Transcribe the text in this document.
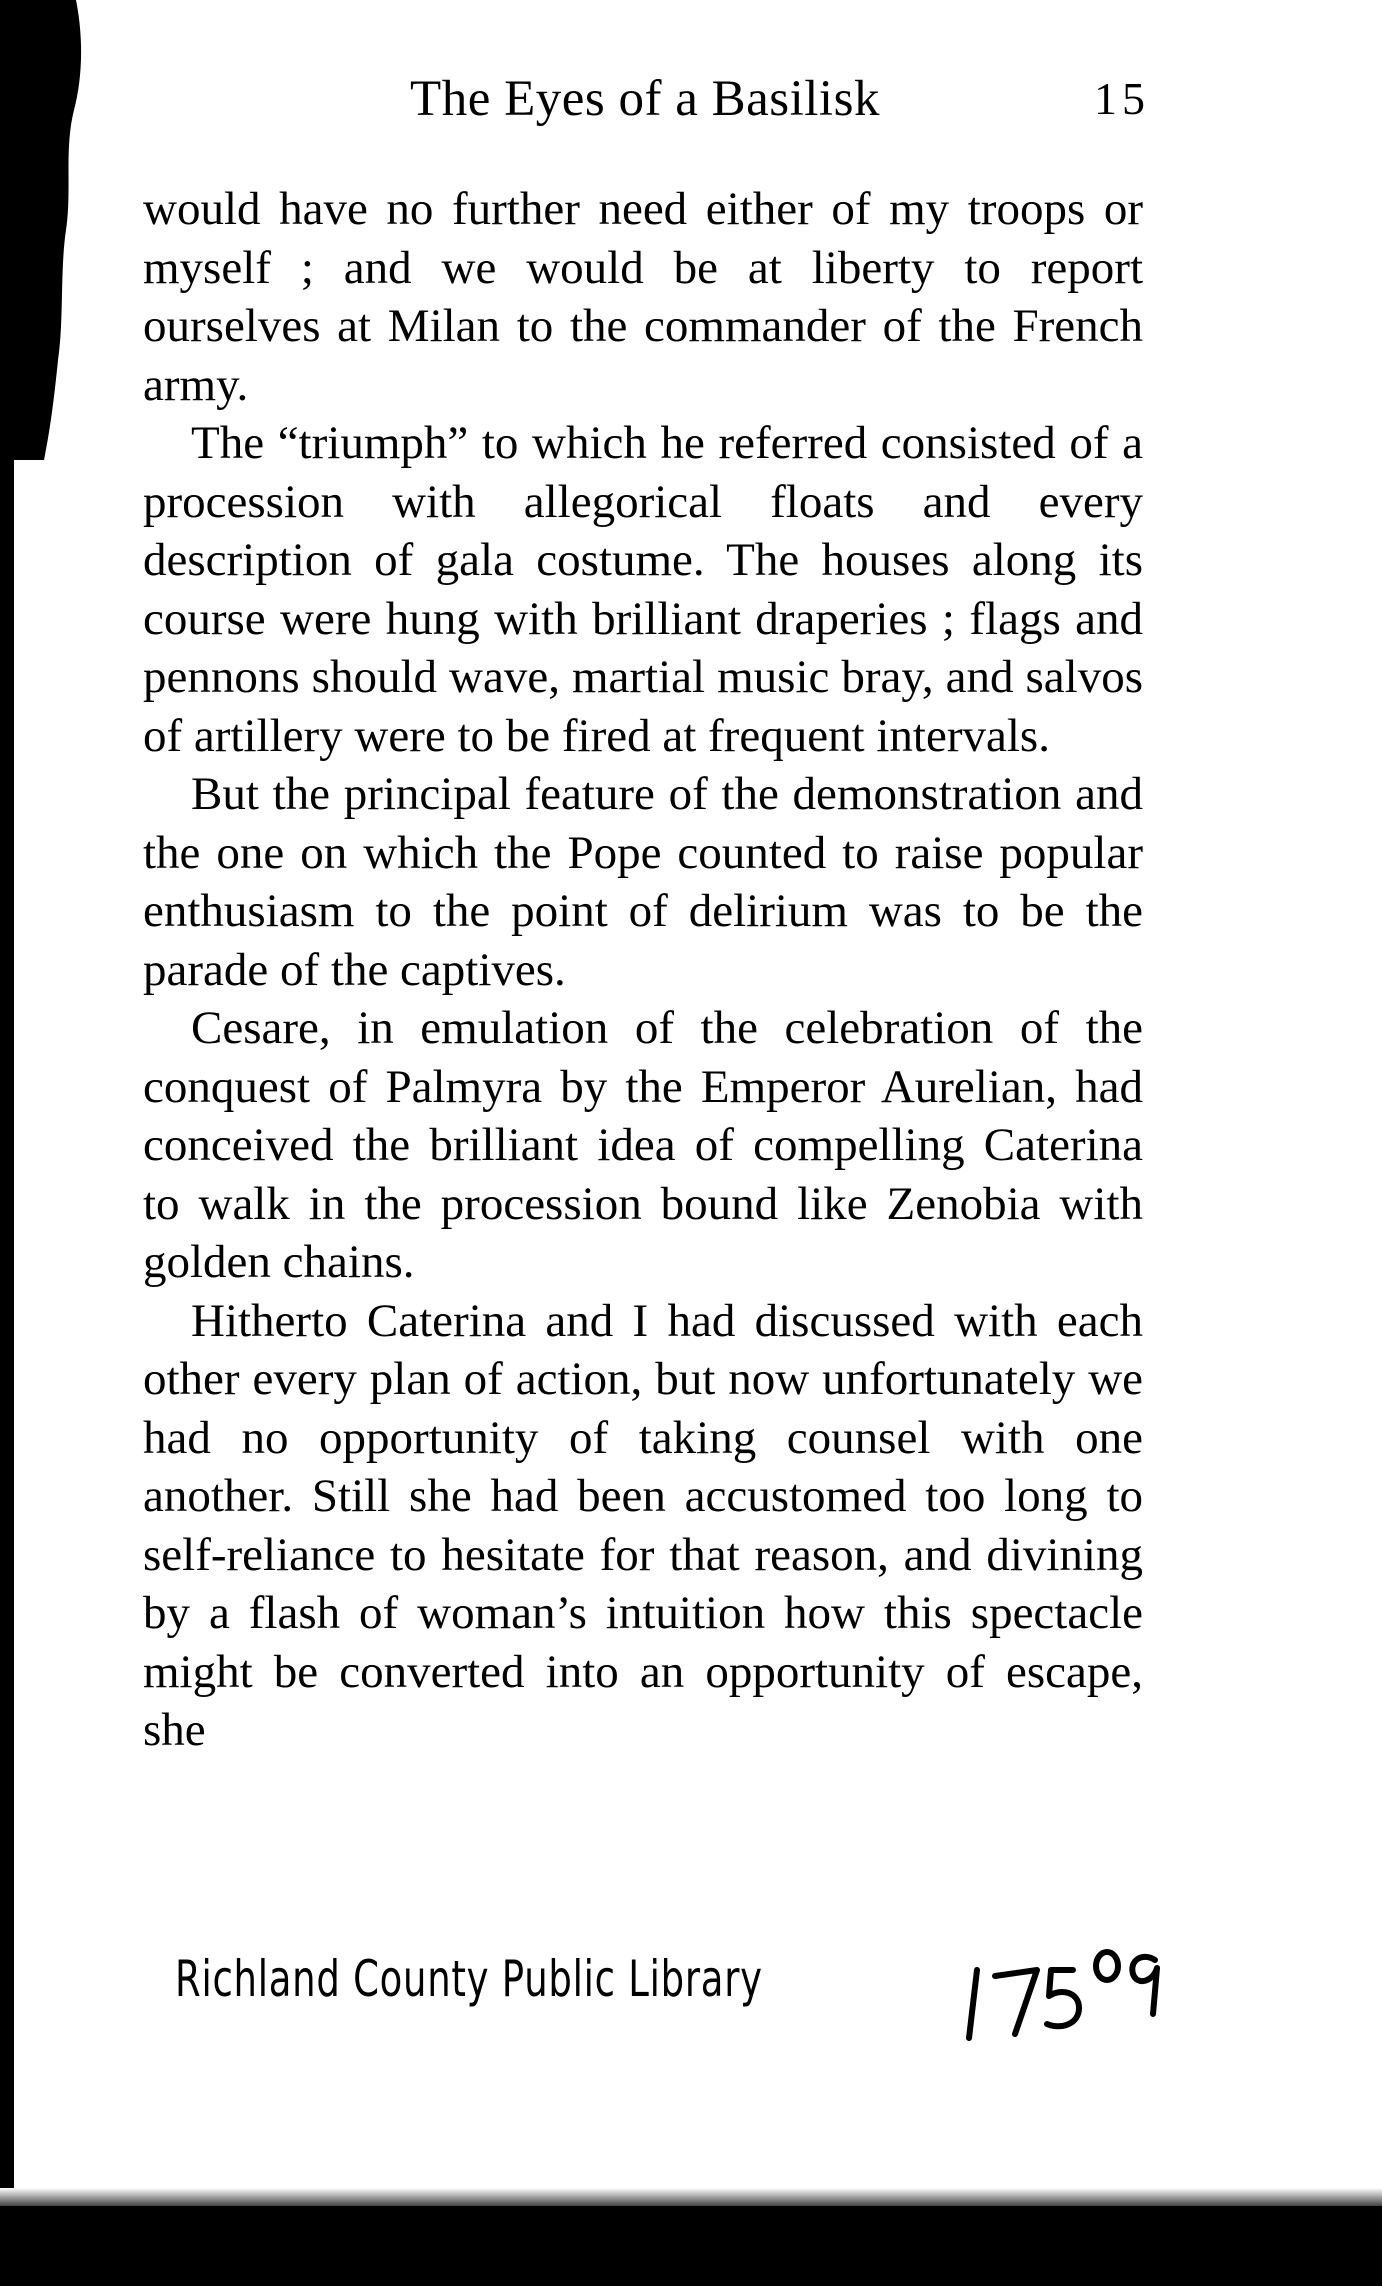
The Eyes of a Basilisk	15

would have no further need either of my troops or myself ; and we would be at liberty to report ourselves at Milan to the commander of the French army.

The “triumph” to which he referred consisted of a procession with allegorical floats and every description of gala costume. The houses along its course were hung with brilliant draperies ; flags and pennons should wave, martial music bray, and salvos of artillery were to be fired at frequent intervals.

But the principal feature of the demonstration and the one on which the Pope counted to raise popular enthusiasm to the point of delirium was to be the parade of the captives.

Cesare, in emulation of the celebration of the conquest of Palmyra by the Emperor Aurelian, had conceived the brilliant idea of compelling Caterina to walk in the procession bound like Zenobia with golden chains.

Hitherto Caterina and I had discussed with each other every plan of action, but now unfortunately we had no opportunity of taking counsel with one another. Still she had been accustomed too long to self-reliance to hesitate for that reason, and divining by a flash of woman’s intuition how this spectacle might be converted into an opportunity of escape, she

Richland County Public Library
